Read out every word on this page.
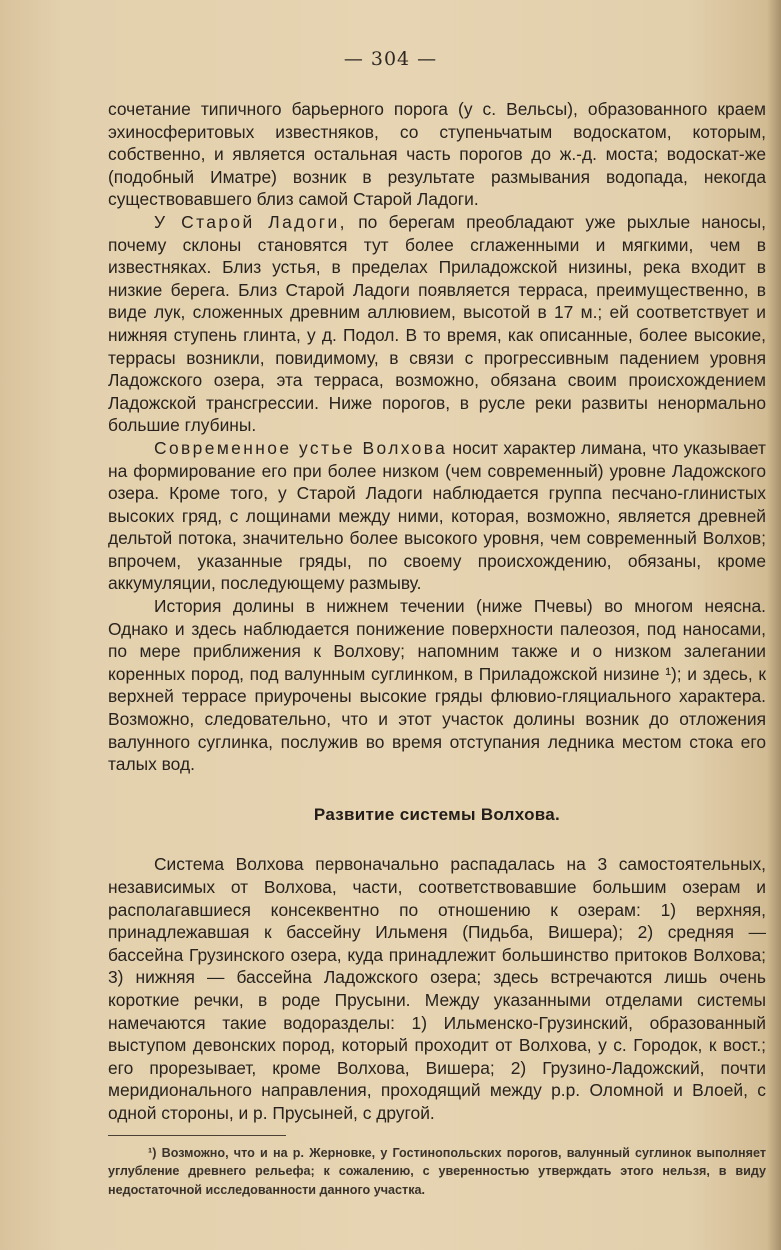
— 304 —

сочетание типичного барьерного порога (у с. Вельсы), образованного краем эхиносферитовых известняков, со ступеньчатым водоскатом, которым, собственно, и является остальная часть порогов до ж.-д. моста; водоскат-же (подобный Иматре) возник в результате размывания водопада, некогда существовавшего близ самой Старой Ладоги.

У Старой Ладоги, по берегам преобладают уже рыхлые наносы, почему склоны становятся тут более сглаженными и мягкими, чем в известняках. Близ устья, в пределах Приладожской низины, река входит в низкие берега. Близ Старой Ладоги появляется терраса, преимущественно, в виде лук, сложенных древним аллювием, высотой в 17 м.; ей соответствует и нижняя ступень глинта, у д. Подол. В то время, как описанные, более высокие, террасы возникли, повидимому, в связи с прогрессивным падением уровня Ладожского озера, эта терраса, возможно, обязана своим происхождением Ладожской трансгрессии. Ниже порогов, в русле реки развиты ненормально большие глубины.

Современное устье Волхова носит характер лимана, что указывает на формирование его при более низком (чем современный) уровне Ладожского озера. Кроме того, у Старой Ладоги наблюдается группа песчано-глинистых высоких гряд, с лощинами между ними, которая, возможно, является древней дельтой потока, значительно более высокого уровня, чем современный Волхов; впрочем, указанные гряды, по своему происхождению, обязаны, кроме аккумуляции, последующему размыву.

История долины в нижнем течении (ниже Пчевы) во многом неясна. Однако и здесь наблюдается понижение поверхности палеозоя, под наносами, по мере приближения к Волхову; напомним также и о низком залегании коренных пород, под валунным суглинком, в Приладожской низине ¹); и здесь, к верхней террасе приурочены высокие гряды флювио-гляциального характера. Возможно, следовательно, что и этот участок долины возник до отложения валунного суглинка, послужив во время отступания ледника местом стока его талых вод.

Развитие системы Волхова.

Система Волхова первоначально распадалась на 3 самостоятельных, независимых от Волхова, части, соответствовавшие большим озерам и располагавшиеся консеквентно по отношению к озерам: 1) верхняя, принадлежавшая к бассейну Ильменя (Пидьба, Вишера); 2) средняя — бассейна Грузинского озера, куда принадлежит большинство притоков Волхова; 3) нижняя — бассейна Ладожского озера; здесь встречаются лишь очень короткие речки, в роде Прусыни. Между указанными отделами системы намечаются такие водоразделы: 1) Ильменско-Грузинский, образованный выступом девонских пород, который проходит от Волхова, у с. Городок, к вост.; его прорезывает, кроме Волхова, Вишера; 2) Грузино-Ладожский, почти меридионального направления, проходящий между р.р. Оломной и Влоей, с одной стороны, и р. Прусыней, с другой.

¹) Возможно, что и на р. Жерновке, у Гостинопольских порогов, валунный суглинок выполняет углубление древнего рельефа; к сожалению, с уверенностью утверждать этого нельзя, в виду недостаточной исследованности данного участка.
